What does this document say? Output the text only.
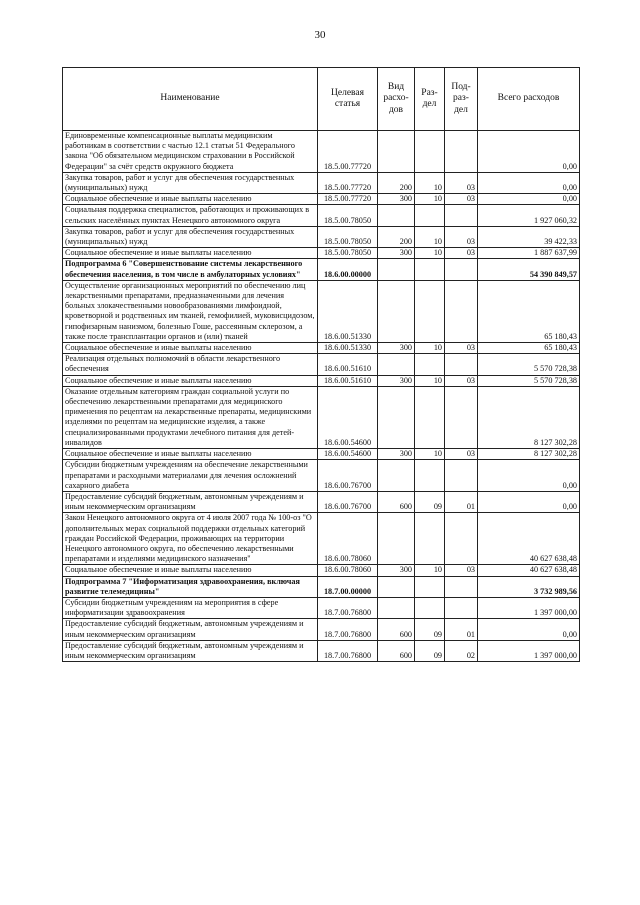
30
Наименование	Целевая статья	Вид расхо-дов	Раз-дел	Под-раз-дел	Всего расходов
Единовременные компенсационные выплаты медицинским работникам в соответствии с частью 12.1 статьи 51 Федерального закона "Об обязательном медицинском страховании в Российской Федерации" за счёт средств окружного бюджета	18.5.00.77720				0,00
Закупка товаров, работ и услуг для обеспечения государственных (муниципальных) нужд	18.5.00.77720	200	10	03	0,00
Социальное обеспечение и иные выплаты населению	18.5.00.77720	300	10	03	0,00
Социальная поддержка специалистов, работающих и проживающих в сельских населённых пунктах Ненецкого автономного округа	18.5.00.78050				1 927 060,32
Закупка товаров, работ и услуг для обеспечения государственных (муниципальных) нужд	18.5.00.78050	200	10	03	39 422,33
Социальное обеспечение и иные выплаты населению	18.5.00.78050	300	10	03	1 887 637,99
Подпрограмма 6 "Совершенствование системы лекарственного обеспечения населения, в том числе в амбулаторных условиях"	18.6.00.00000				54 390 849,57
Осуществление организационных мероприятий по обеспечению лиц лекарственными препаратами, предназначенными для лечения больных злокачественными новообразованиями лимфоидной, кроветворной и родственных им тканей, гемофилией, муковисцидозом, гипофизарным нанизмом, болезнью Гоше, рассеянным склерозом, а также после трансплантации органов и (или) тканей	18.6.00.51330				65 180,43
Социальное обеспечение и иные выплаты населению	18.6.00.51330	300	10	03	65 180,43
Реализация отдельных полномочий в области лекарственного обеспечения	18.6.00.51610				5 570 728,38
Социальное обеспечение и иные выплаты населению	18.6.00.51610	300	10	03	5 570 728,38
Оказание отдельным категориям граждан социальной услуги по обеспечению лекарственными препаратами для медицинского применения по рецептам на лекарственные препараты, медицинскими изделиями по рецептам на медицинские изделия, а также специализированными продуктами лечебного питания для детей-инвалидов	18.6.00.54600				8 127 302,28
Социальное обеспечение и иные выплаты населению	18.6.00.54600	300	10	03	8 127 302,28
Субсидии бюджетным учреждениям на обеспечение лекарственными препаратами и расходными материалами для лечения осложнений сахарного диабета	18.6.00.76700				0,00
Предоставление субсидий бюджетным, автономным учреждениям и иным некоммерческим организациям	18.6.00.76700	600	09	01	0,00
Закон Ненецкого автономного округа от 4 июля 2007 года № 100-оз "О дополнительных мерах социальной поддержки отдельных категорий граждан Российской Федерации, проживающих на территории Ненецкого автономного округа, по обеспечению лекарственными препаратами и изделиями медицинского назначения"	18.6.00.78060				40 627 638,48
Социальное обеспечение и иные выплаты населению	18.6.00.78060	300	10	03	40 627 638,48
Подпрограмма 7 "Информатизация здравоохранения, включая развитие телемедицины"	18.7.00.00000				3 732 989,56
Субсидии бюджетным учреждениям на мероприятия в сфере информатизации здравоохранения	18.7.00.76800				1 397 000,00
Предоставление субсидий бюджетным, автономным учреждениям и иным некоммерческим организациям	18.7.00.76800	600	09	01	0,00
Предоставление субсидий бюджетным, автономным учреждениям и иным некоммерческим организациям	18.7.00.76800	600	09	02	1 397 000,00
